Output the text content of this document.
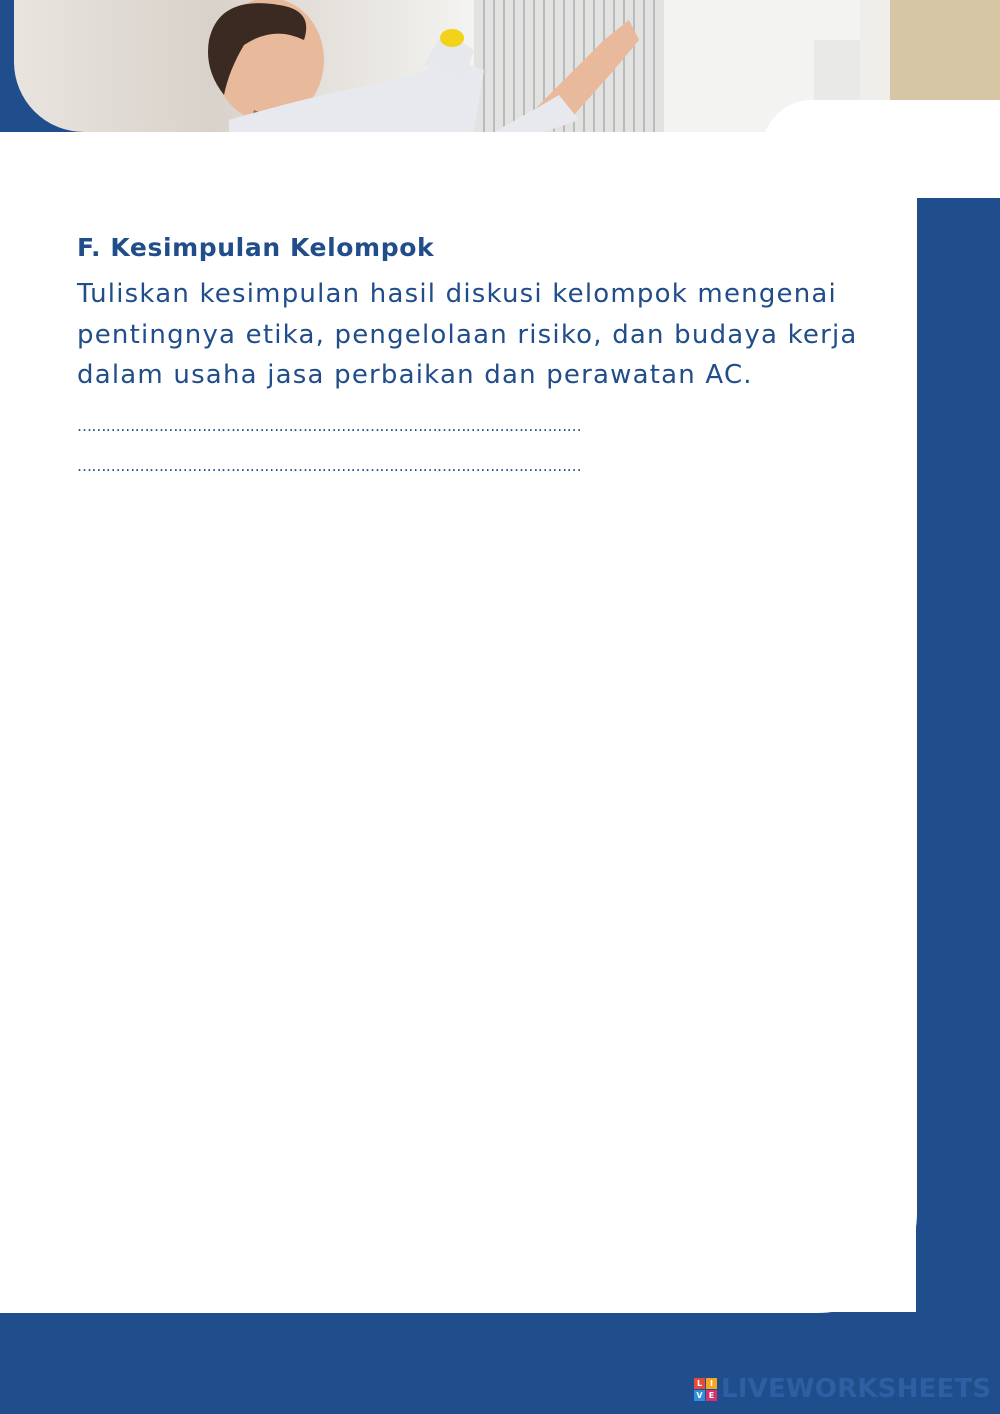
F. Kesimpulan Kelompok

Tuliskan kesimpulan hasil diskusi kelompok mengenai pentingnya etika, pengelolaan risiko, dan budaya kerja dalam usaha jasa perbaikan dan perawatan AC.

……………………………………………………………………………………………
……………………………………………………………………………………………
L I
V E LIVEWORKSHEETS
